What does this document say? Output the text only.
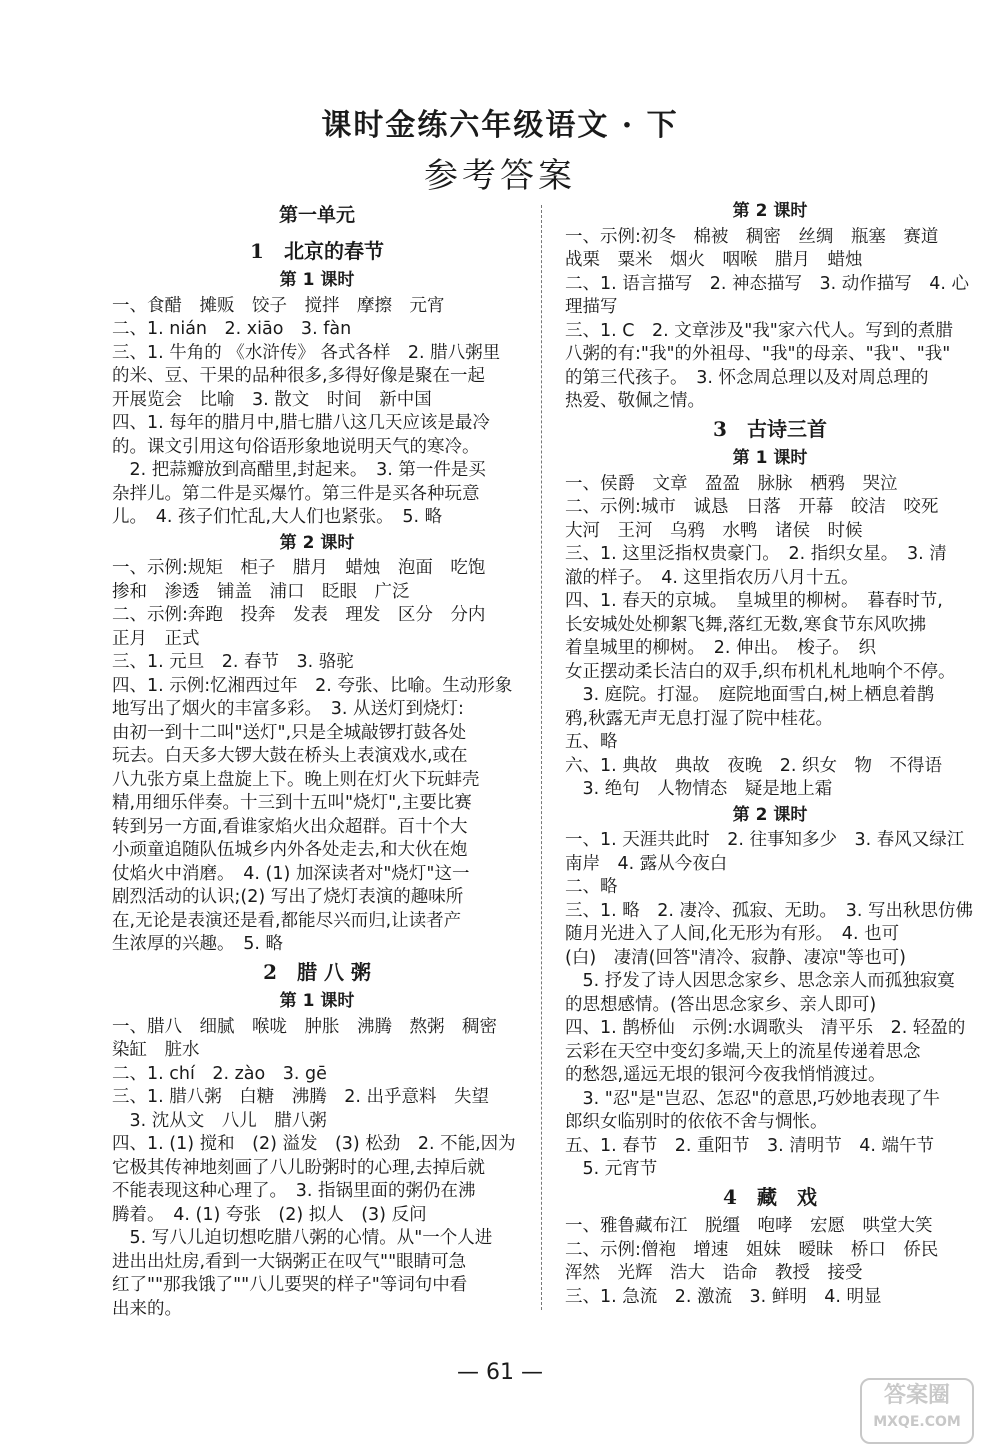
课时金练六年级语文 · 下
参考答案
第一单元
1　北京的春节
第 1 课时
一、食醋　摊贩　饺子　搅拌　摩擦　元宵
二、1. nián　2. xiāo　3. fàn
三、1. 牛角的 《水浒传》 各式各样　2. 腊八粥里
的米、豆、干果的品种很多,多得好像是聚在一起
开展览会　比喻　3. 散文　时间　新中国
四、1. 每年的腊月中,腊七腊八这几天应该是最冷
的。课文引用这句俗语形象地说明天气的寒冷。
　2. 把蒜瓣放到高醋里,封起来。　3. 第一件是买
杂拌儿。第二件是买爆竹。第三件是买各种玩意
儿。　4. 孩子们忙乱,大人们也紧张。　5. 略
第 2 课时
一、示例:规矩　柜子　腊月　蜡烛　泡面　吃饱
掺和　渗透　铺盖　浦口　眨眼　广泛
二、示例:奔跑　投奔　发表　理发　区分　分内
正月　正式
三、1. 元旦　2. 春节　3. 骆驼
四、1. 示例:忆湘西过年　2. 夸张、比喻。生动形象
地写出了烟火的丰富多彩。　3. 从送灯到烧灯:
由初一到十二叫"送灯",只是全城敲锣打鼓各处
玩去。白天多大锣大鼓在桥头上表演戏水,或在
八九张方桌上盘旋上下。晚上则在灯火下玩蚌壳
精,用细乐伴奏。十三到十五叫"烧灯",主要比赛
转到另一方面,看谁家焰火出众超群。百十个大
小顽童追随队伍城乡内外各处走去,和大伙在炮
仗焰火中消磨。　4. (1) 加深读者对"烧灯"这一
剧烈活动的认识;(2) 写出了烧灯表演的趣味所
在,无论是表演还是看,都能尽兴而归,让读者产
生浓厚的兴趣。　5. 略
2　腊 八 粥
第 1 课时
一、腊八　细腻　喉咙　肿胀　沸腾　熬粥　稠密
染缸　脏水
二、1. chí　2. zào　3. gē
三、1. 腊八粥　白糖　沸腾　2. 出乎意料　失望
　3. 沈从文　八儿　腊八粥
四、1. (1) 搅和　(2) 溢发　(3) 松劲　2. 不能,因为
它极其传神地刻画了八儿盼粥时的心理,去掉后就
不能表现这种心理了。　3. 指锅里面的粥仍在沸
腾着。　4. (1) 夸张　(2) 拟人　(3) 反问
　5. 写八儿迫切想吃腊八粥的心情。从"一个人进
进出出灶房,看到一大锅粥正在叹气""眼睛可急
红了""那我饿了""八儿要哭的样子"等词句中看
出来的。
第 2 课时
一、示例:初冬　棉被　稠密　丝绸　瓶塞　赛道
战栗　粟米　烟火　咽喉　腊月　蜡烛
二、1. 语言描写　2. 神态描写　3. 动作描写　4. 心
理描写
三、1. C　2. 文章涉及"我"家六代人。写到的煮腊
八粥的有:"我"的外祖母、"我"的母亲、"我"、"我"
的第三代孩子。　3. 怀念周总理以及对周总理的
热爱、敬佩之情。
3　古诗三首
第 1 课时
一、侯爵　文章　盈盈　脉脉　栖鸦　哭泣
二、示例:城市　诚恳　日落　开幕　皎洁　咬死
大河　王河　乌鸦　水鸭　诸侯　时候
三、1. 这里泛指权贵豪门。　2. 指织女星。　3. 清
澈的样子。　4. 这里指农历八月十五。
四、1. 春天的京城。　皇城里的柳树。　暮春时节,
长安城处处柳絮飞舞,落红无数,寒食节东风吹拂
着皇城里的柳树。　2. 伸出。　梭子。　织
女正摆动柔长洁白的双手,织布机札札地响个不停。
　3. 庭院。打湿。　庭院地面雪白,树上栖息着鹊
鸦,秋露无声无息打湿了院中桂花。
五、略
六、1. 典故　典故　夜晚　2. 织女　物　不得语
　3. 绝句　人物情态　疑是地上霜
第 2 课时
一、1. 天涯共此时　2. 往事知多少　3. 春风又绿江
南岸　4. 露从今夜白
二、略
三、1. 略　2. 凄冷、孤寂、无助。　3. 写出秋思仿佛
随月光进入了人间,化无形为有形。　4. 也可
(白)　凄清(回答"清冷、寂静、凄凉"等也可)
　5. 抒发了诗人因思念家乡、思念亲人而孤独寂寞
的思想感情。(答出思念家乡、亲人即可)
四、1. 鹊桥仙　示例:水调歌头　清平乐　2. 轻盈的
云彩在天空中变幻多端,天上的流星传递着思念
的愁怨,遥远无垠的银河今夜我悄悄渡过。
　3. "忍"是"岂忍、怎忍"的意思,巧妙地表现了牛
郎织女临别时的依依不舍与惆怅。
五、1. 春节　2. 重阳节　3. 清明节　4. 端午节
　5. 元宵节
4　藏　戏
一、雅鲁藏布江　脱缰　咆哮　宏愿　哄堂大笑
二、示例:僧袍　增速　姐妹　暧昧　桥口　侨民
浑然　光辉　浩大　诰命　教授　接受
三、1. 急流　2. 激流　3. 鲜明　4. 明显
— 61 —
答案圈
MXQE.COM
